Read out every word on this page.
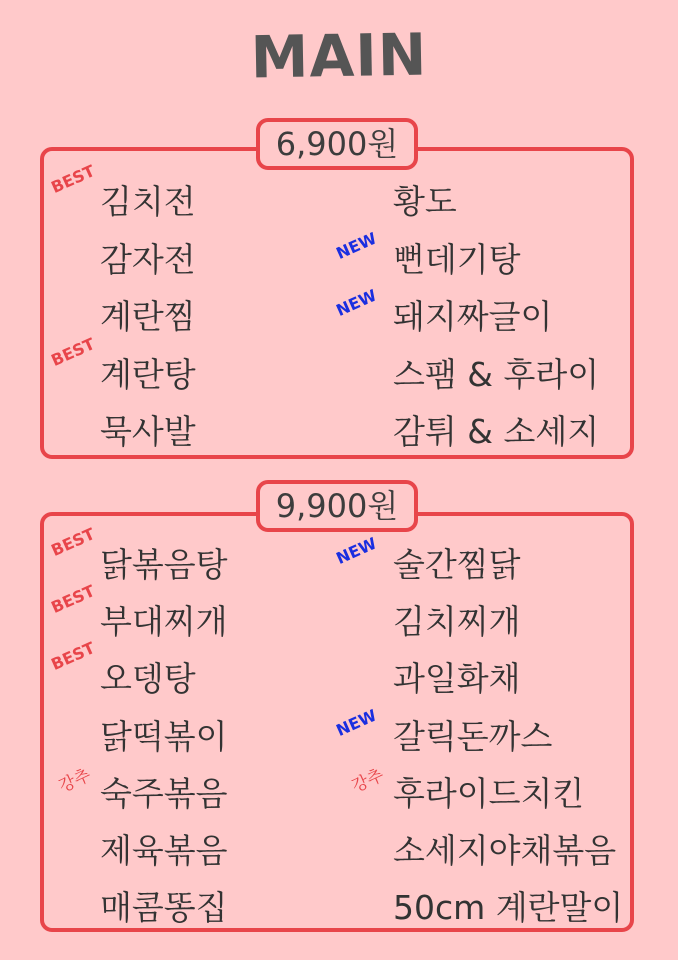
MAIN
6,900원
9,900원
김치전
BEST
감자전
계란찜
계란탕
BEST
묵사발
황도
뻔데기탕
NEW
돼지짜글이
NEW
스팸 & 후라이
감튀 & 소세지
닭볶음탕
BEST
부대찌개
BEST
오뎅탕
BEST
닭떡볶이
숙주볶음
강추
제육볶음
매콤똥집
술간찜닭
NEW
김치찌개
과일화채
갈릭돈까스
NEW
후라이드치킨
강추
소세지야채볶음
50cm 계란말이
